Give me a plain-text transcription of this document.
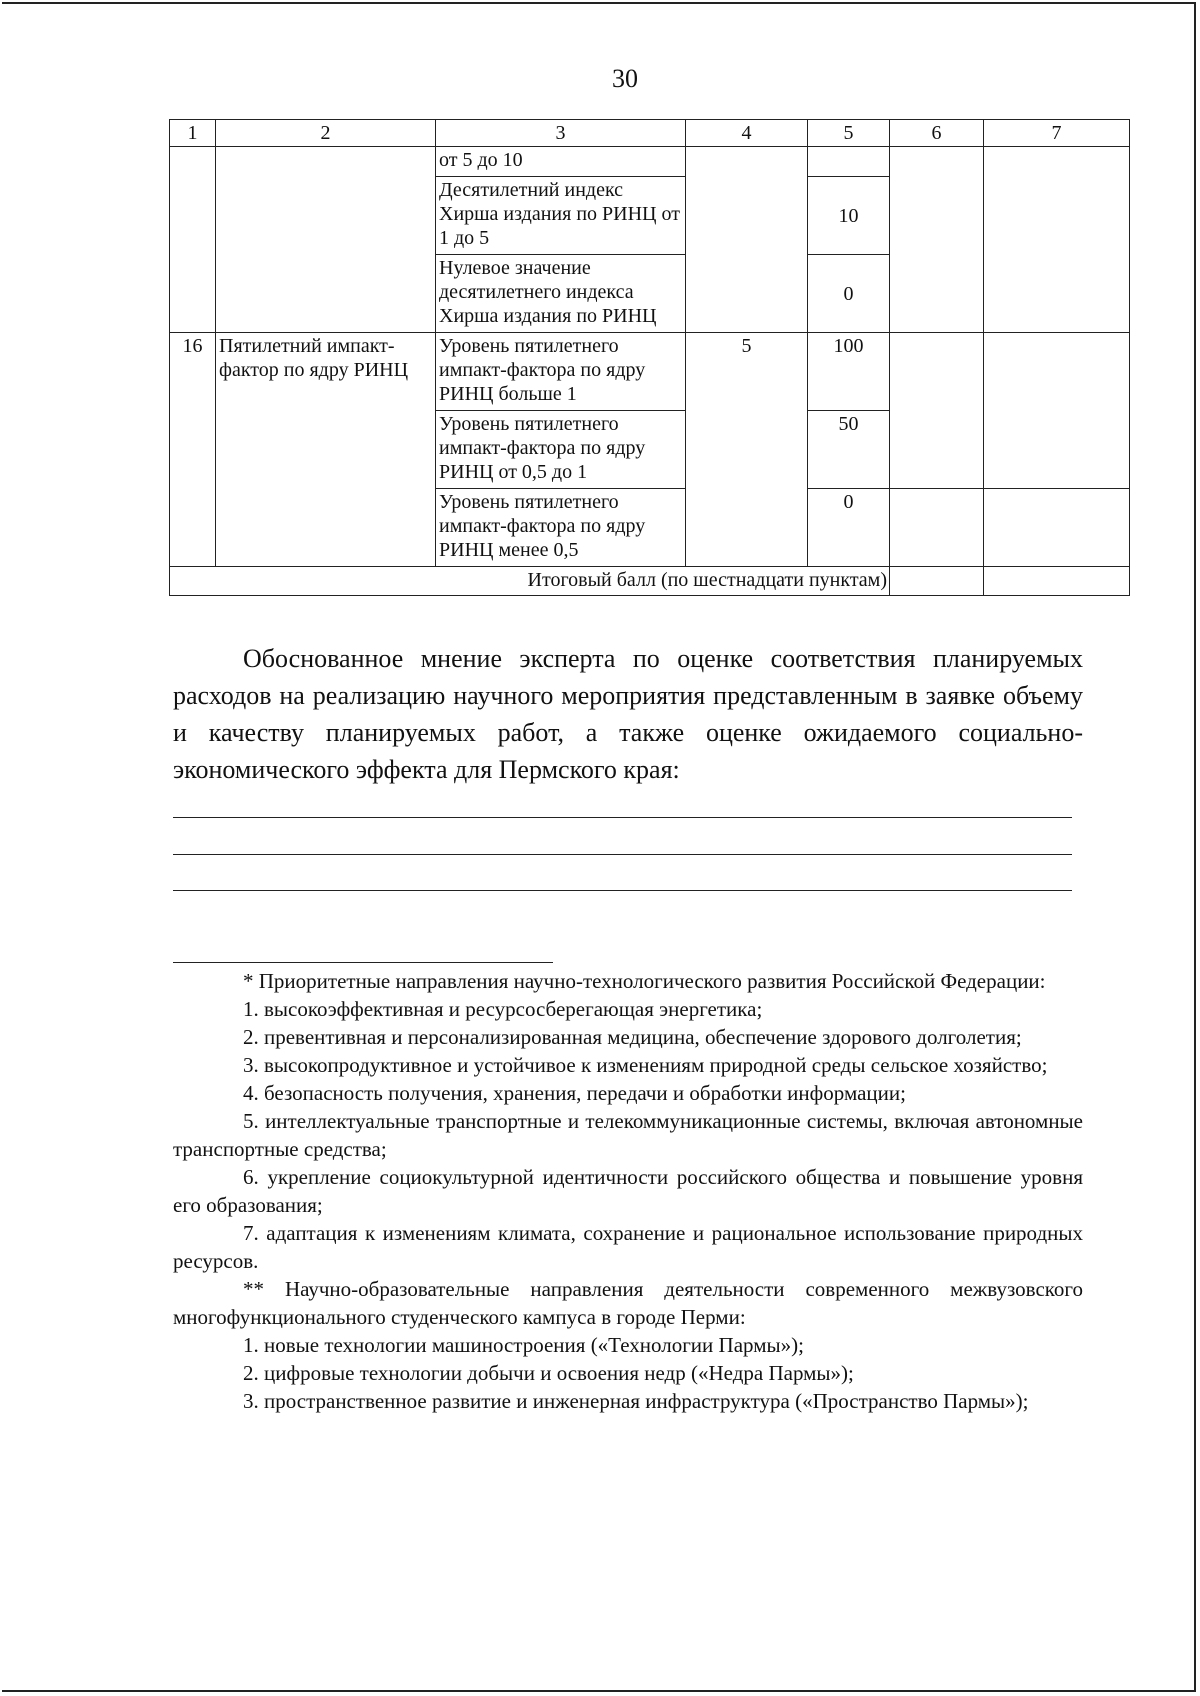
30
1	2	3	4	5	6	7
		от 5 до 10				
		Десятилетний индекс Хирша издания по РИНЦ от 1 до 5		10		
		Нулевое значение десятилетнего индекса Хирша издания по РИНЦ		0		
16	Пятилетний импакт-фактор по ядру РИНЦ	Уровень пятилетнего импакт-фактора по ядру РИНЦ больше 1	5	100		
		Уровень пятилетнего импакт-фактора по ядру РИНЦ от 0,5 до 1		50		
		Уровень пятилетнего импакт-фактора по ядру РИНЦ менее 0,5		0		
Итоговый балл (по шестнадцати пунктам)						

Обоснованное мнение эксперта по оценке соответствия планируемых расходов на реализацию научного мероприятия представленным в заявке объему и качеству планируемых работ, а также оценке ожидаемого социально-экономического эффекта для Пермского края:

* Приоритетные направления научно-технологического развития Российской Федерации:

1. высокоэффективная и ресурсосберегающая энергетика;

2. превентивная и персонализированная медицина, обеспечение здорового долголетия;

3. высокопродуктивное и устойчивое к изменениям природной среды сельское хозяйство;

4. безопасность получения, хранения, передачи и обработки информации;

5. интеллектуальные транспортные и телекоммуникационные системы, включая автономные транспортные средства;

6. укрепление социокультурной идентичности российского общества и повышение уровня его образования;

7. адаптация к изменениям климата, сохранение и рациональное использование природных ресурсов.

** Научно-образовательные направления деятельности современного межвузовского многофункционального студенческого кампуса в городе Перми:

1. новые технологии машиностроения («Технологии Пармы»);

2. цифровые технологии добычи и освоения недр («Недра Пармы»);

3. пространственное развитие и инженерная инфраструктура («Пространство Пармы»);
